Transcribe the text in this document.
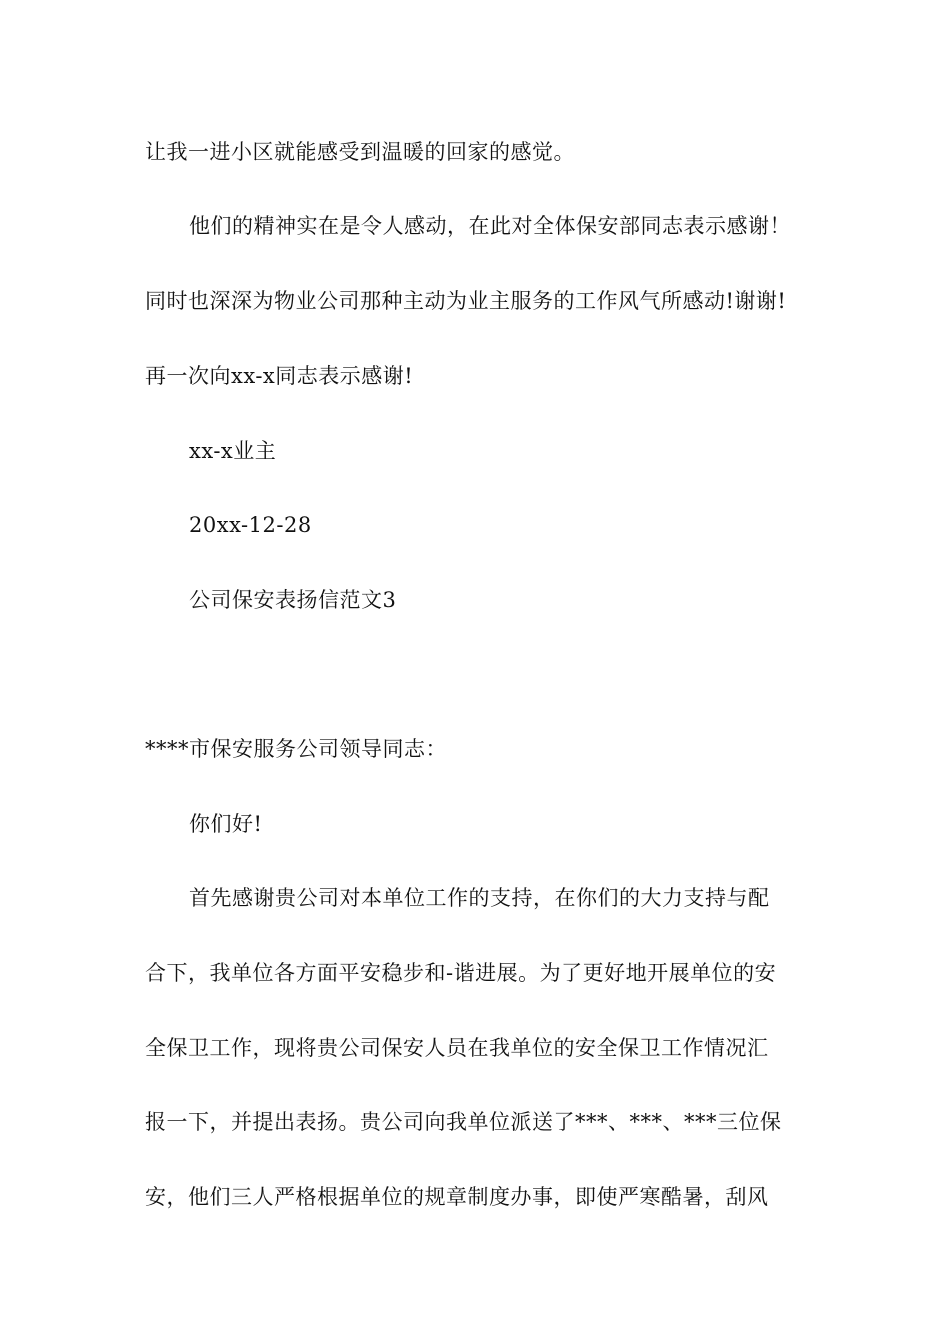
让我一进小区就能感受到温暖的回家的感觉。
他们的精神实在是令人感动，在此对全体保安部同志表示感谢！
同时也深深为物业公司那种主动为业主服务的工作风气所感动!谢谢!
再一次向xx-x同志表示感谢!
xx-x业主
20xx-12-28
公司保安表扬信范文3
****市保安服务公司领导同志：
你们好!
首先感谢贵公司对本单位工作的支持，在你们的大力支持与配
合下，我单位各方面平安稳步和-谐进展。为了更好地开展单位的安
全保卫工作，现将贵公司保安人员在我单位的安全保卫工作情况汇
报一下，并提出表扬。贵公司向我单位派送了***、***、***三位保
安，他们三人严格根据单位的规章制度办事，即使严寒酷暑，刮风
